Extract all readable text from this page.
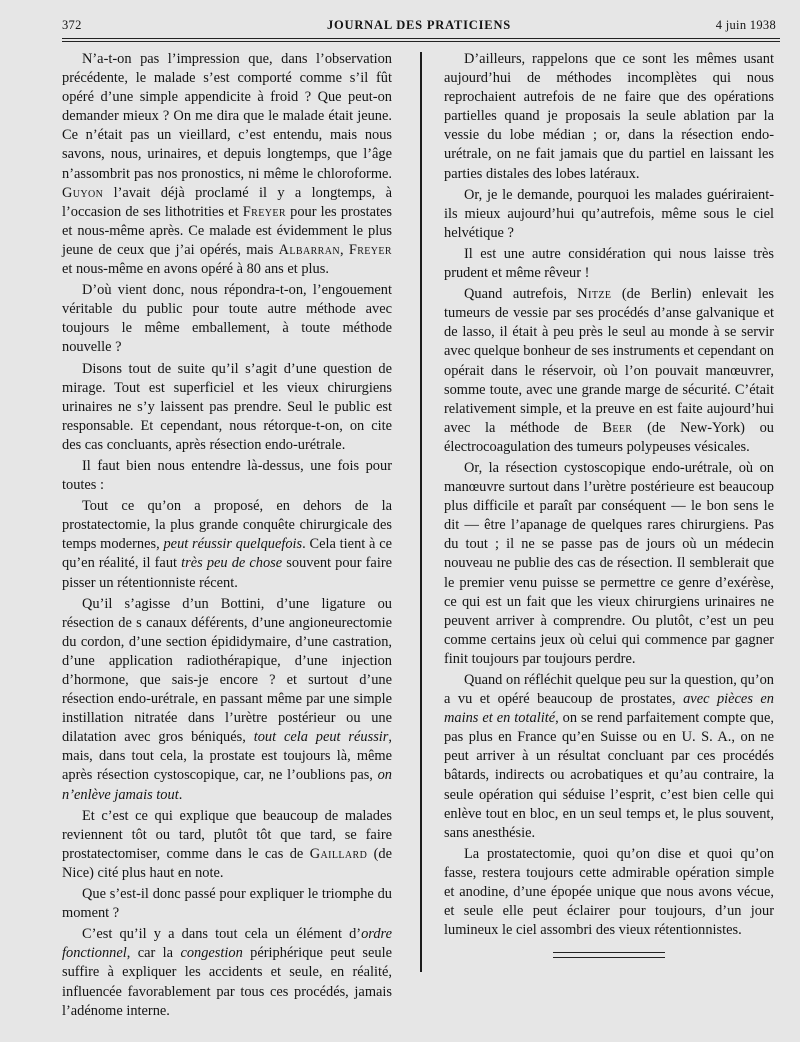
372	JOURNAL DES PRATICIENS	4 juin 1938

N’a-t-on pas l’impression que, dans l’observation précédente, le malade s’est comporté comme s’il fût opéré d’une simple appendicite à froid ? Que peut-on demander mieux ? On me dira que le malade était jeune. Ce n’était pas un vieillard, c’est entendu, mais nous savons, nous, urinaires, et depuis longtemps, que l’âge n’assombrit pas nos pronostics, ni même le chloroforme. Guyon l’avait déjà proclamé il y a longtemps, à l’occasion de ses lithotrities et Freyer pour les prostates et nous-même après. Ce malade est évidemment le plus jeune de ceux que j’ai opérés, mais Albarran, Freyer et nous-même en avons opéré à 80 ans et plus.

D’où vient donc, nous répondra-t-on, l’engouement véritable du public pour toute autre méthode avec toujours le même emballement, à toute méthode nouvelle ?

Disons tout de suite qu’il s’agit d’une question de mirage. Tout est superficiel et les vieux chirurgiens urinaires ne s’y laissent pas prendre. Seul le public est responsable. Et cependant, nous rétorque-t-on, on cite des cas concluants, après résection endo-urétrale.

Il faut bien nous entendre là-dessus, une fois pour toutes :

Tout ce qu’on a proposé, en dehors de la prostatectomie, la plus grande conquête chirurgicale des temps modernes, peut réussir quelquefois. Cela tient à ce qu’en réalité, il faut très peu de chose souvent pour faire pisser un rétentionniste récent.

Qu’il s’agisse d’un Bottini, d’une ligature ou résection de s canaux déférents, d’une angioneurectomie du cordon, d’une section épididymaire, d’une castration, d’une application radiothérapique, d’une injection d’hormone, que sais-je encore ? et surtout d’une résection endo-urétrale, en passant même par une simple instillation nitratée dans l’urètre postérieur ou une dilatation avec gros béniqués, tout cela peut réussir, mais, dans tout cela, la prostate est toujours là, même après résection cystoscopique, car, ne l’oublions pas, on n’enlève jamais tout.

Et c’est ce qui explique que beaucoup de malades reviennent tôt ou tard, plutôt tôt que tard, se faire prostatectomiser, comme dans le cas de Gaillard (de Nice) cité plus haut en note.

Que s’est-il donc passé pour expliquer le triomphe du moment ?

C’est qu’il y a dans tout cela un élément d’ordre fonctionnel, car la congestion périphérique peut seule suffire à expliquer les accidents et seule, en réalité, influencée favorablement par tous ces procédés, jamais l’adénome interne.

D’ailleurs, rappelons que ce sont les mêmes usant aujourd’hui de méthodes incomplètes qui nous reprochaient autrefois de ne faire que des opérations partielles quand je proposais la seule ablation par la vessie du lobe médian ; or, dans la résection endo-urétrale, on ne fait jamais que du partiel en laissant les parties distales des lobes latéraux.

Or, je le demande, pourquoi les malades guériraient-ils mieux aujourd’hui qu’autrefois, même sous le ciel helvétique ?

Il est une autre considération qui nous laisse très prudent et même rêveur !

Quand autrefois, Nitze (de Berlin) enlevait les tumeurs de vessie par ses procédés d’anse galvanique et de lasso, il était à peu près le seul au monde à se servir avec quelque bonheur de ses instruments et cependant on opérait dans le réservoir, où l’on pouvait manœuvrer, somme toute, avec une grande marge de sécurité. C’était relativement simple, et la preuve en est faite aujourd’hui avec la méthode de Beer (de New-York) ou électrocoagulation des tumeurs polypeuses vésicales.

Or, la résection cystoscopique endo-urétrale, où on manœuvre surtout dans l’urètre postérieure est beaucoup plus difficile et paraît par conséquent — le bon sens le dit — être l’apanage de quelques rares chirurgiens. Pas du tout ; il ne se passe pas de jours où un médecin nouveau ne publie des cas de résection. Il semblerait que le premier venu puisse se permettre ce genre d’exérèse, ce qui est un fait que les vieux chirurgiens urinaires ne peuvent arriver à comprendre. Ou plutôt, c’est un peu comme certains jeux où celui qui commence par gagner finit toujours par toujours perdre.

Quand on réfléchit quelque peu sur la question, qu’on a vu et opéré beaucoup de prostates, avec pièces en mains et en totalité, on se rend parfaitement compte que, pas plus en France qu’en Suisse ou en U. S. A., on ne peut arriver à un résultat concluant par ces procédés bâtards, indirects ou acrobatiques et qu’au contraire, la seule opération qui séduise l’esprit, c’est bien celle qui enlève tout en bloc, en un seul temps et, le plus souvent, sans anesthésie.

La prostatectomie, quoi qu’on dise et quoi qu’on fasse, restera toujours cette admirable opération simple et anodine, d’une épopée unique que nous avons vécue, et seule elle peut éclairer pour toujours, d’un jour lumineux le ciel assombri des vieux rétentionnistes.
